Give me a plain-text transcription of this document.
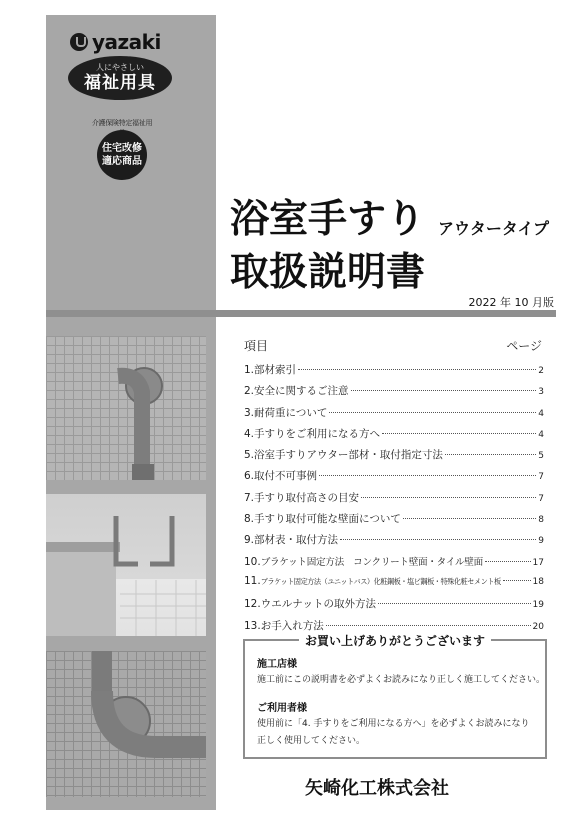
yazaki
人にやさしい
福祉用具
介護保険特定福祉用
住宅改修
適応商品
浴室手すり アウタータイプ
取扱説明書
2022 年 10 月版
項目	ページ
1. 部材索引	2
2. 安全に関するご注意	3
3. 耐荷重について	4
4. 手すりをご利用になる方へ	4
5. 浴室手すりアウター部材・取付指定寸法	5
6. 取付不可事例	7
7. 手すり取付高さの目安	7
8. 手すり取付可能な壁面について	8
9. 部材表・取付方法	9
10. ブラケット固定方法　コンクリート壁面・タイル壁面	17
11. ブラケット固定方法（ユニットバス）化粧鋼板・塩ビ鋼板・特殊化粧セメント板	18
12. ウエルナットの取外方法	19
13. お手入れ方法	20
お買い上げありがとうございます
施工店様
施工前にこの説明書を必ずよくお読みになり正しく施工してください。
ご利用者様
使用前に「4. 手すりをご利用になる方へ」を必ずよくお読みになり
正しく使用してください。
矢崎化工株式会社
